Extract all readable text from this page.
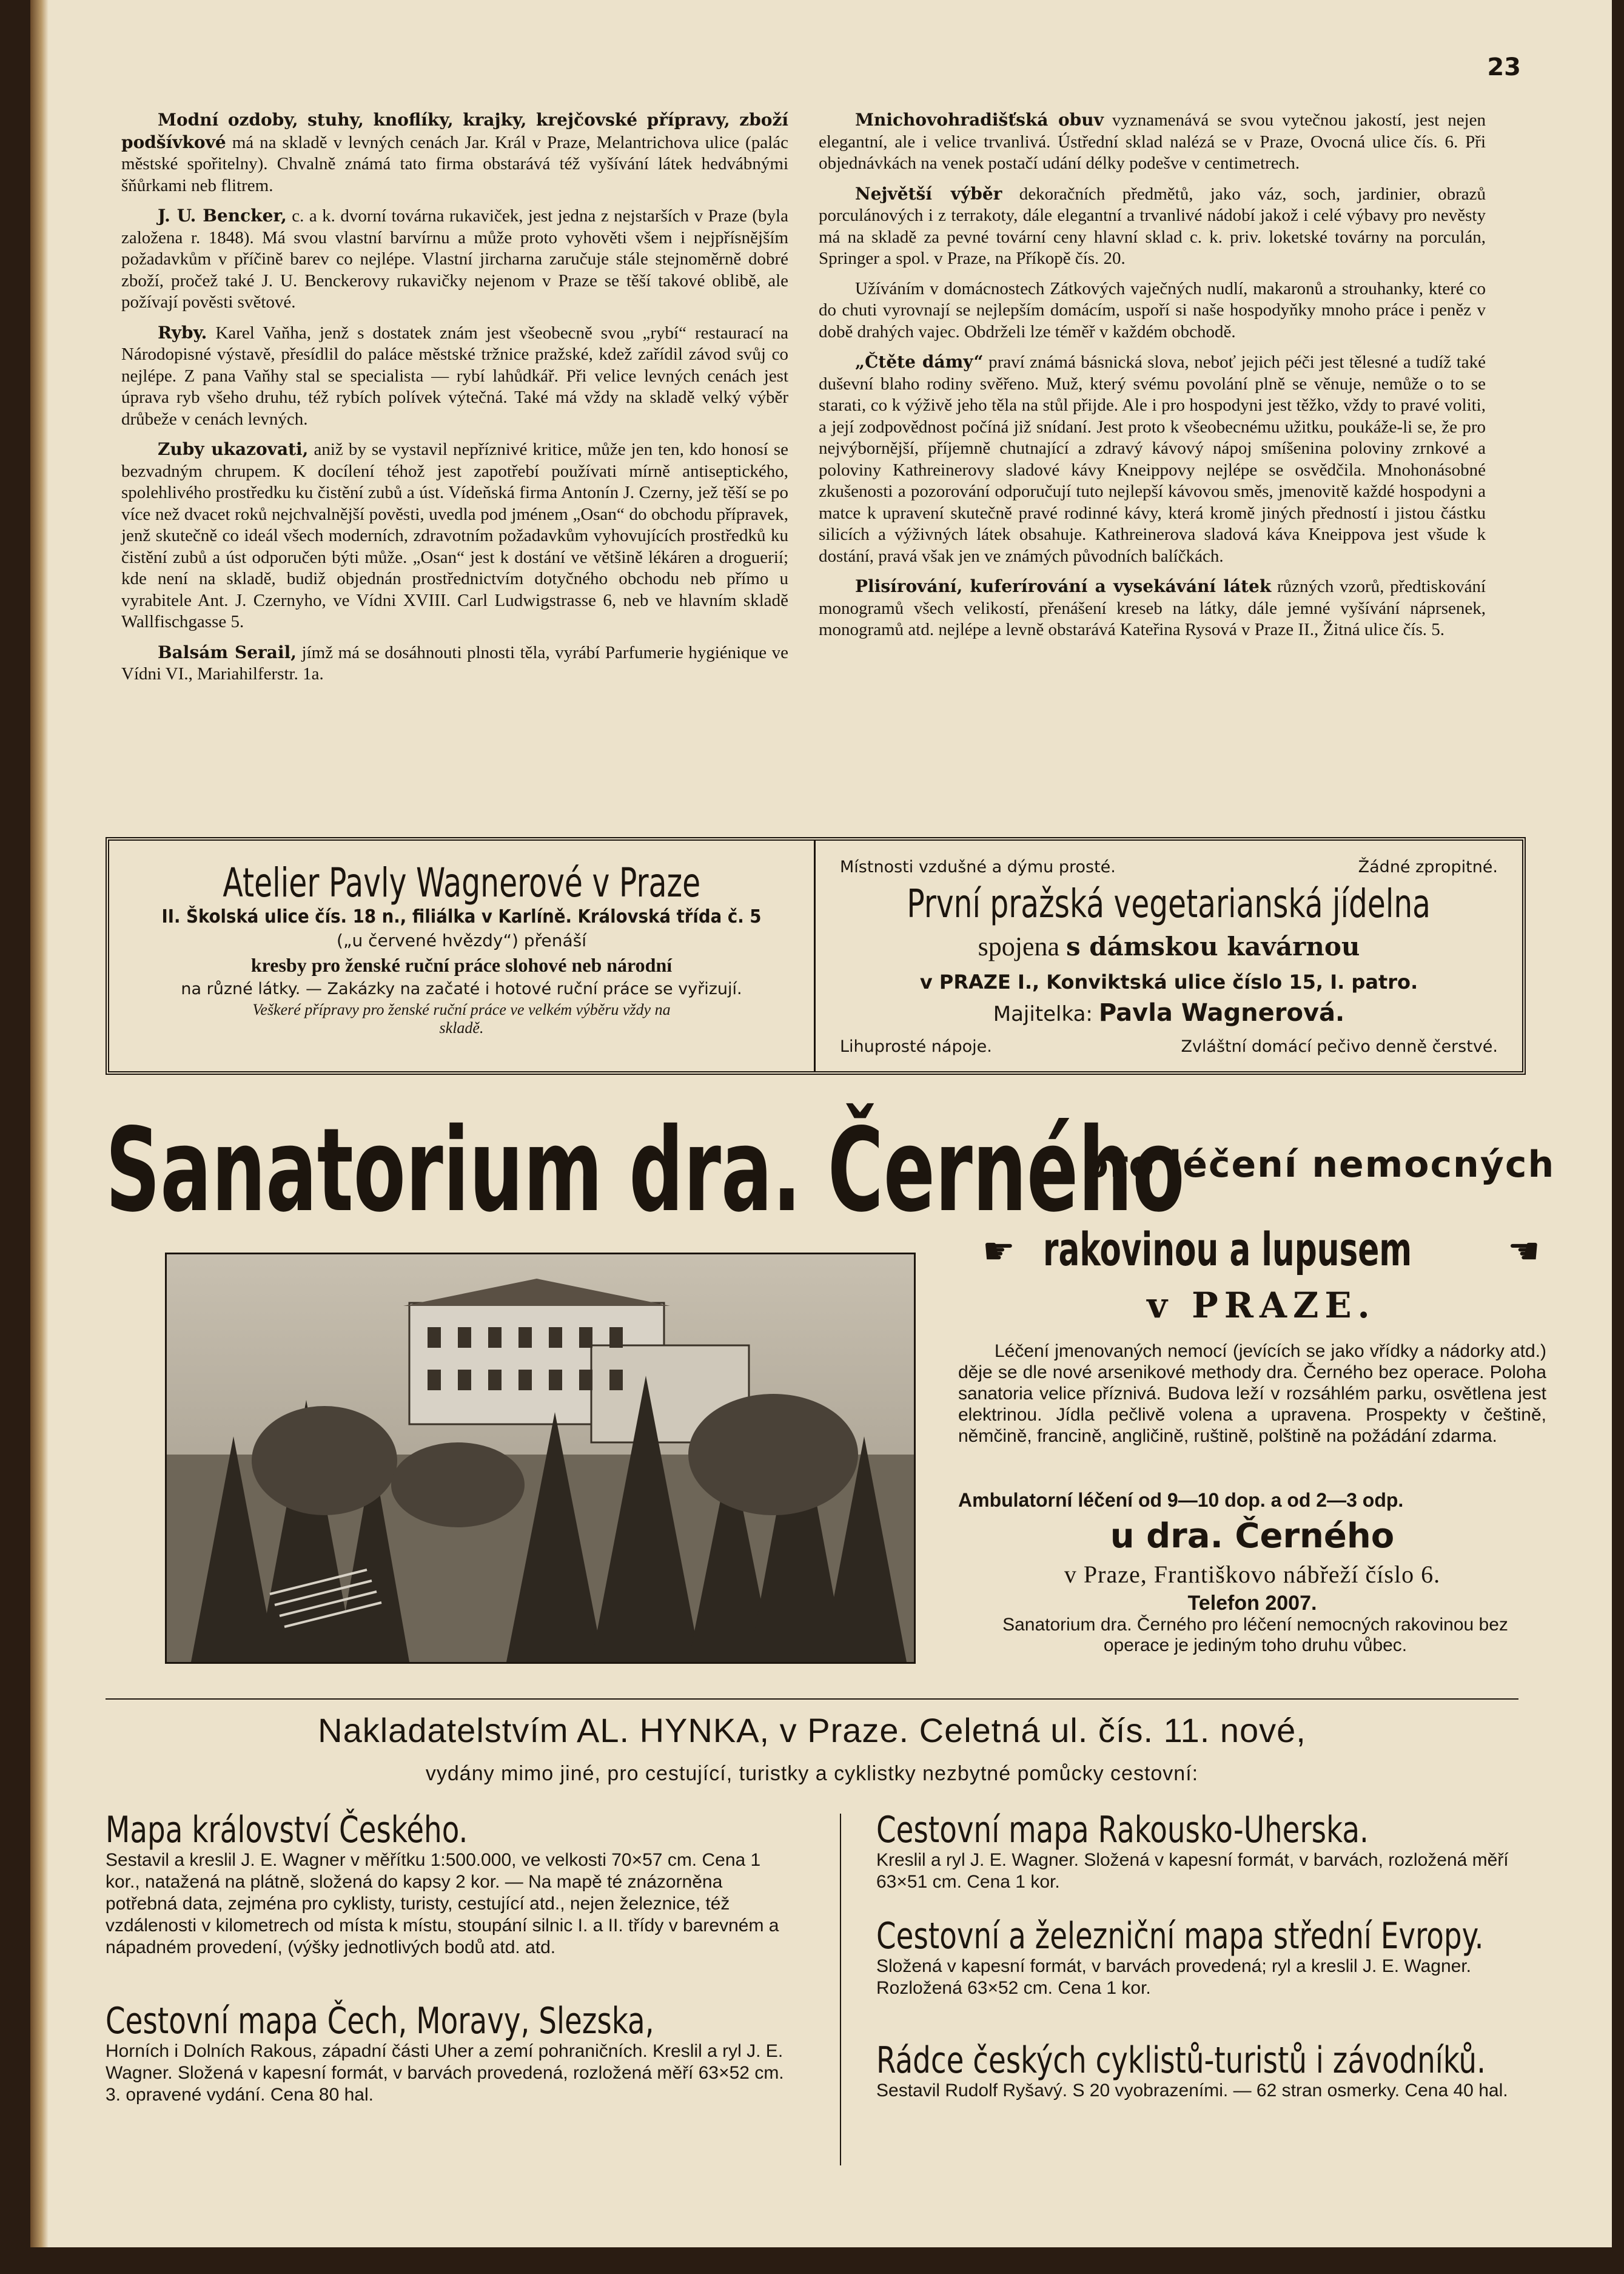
23

Modní ozdoby, stuhy, knoflíky, krajky, krejčovské přípravy, zboží podšívkové má na skladě v levných cenách Jar. Král v Praze, Melantrichova ulice (palác městské spořitelny). Chvalně známá tato firma obstarává též vyšívání látek hedvábnými šňůrkami neb flitrem.

J. U. Bencker, c. a k. dvorní továrna rukaviček, jest jedna z nejstarších v Praze (byla založena r. 1848). Má svou vlastní barvírnu a může proto vyhověti všem i nejpřísnějším požadavkům v příčině barev co nejlépe. Vlastní jircharna zaručuje stále stejnoměrně dobré zboží, pročež také J. U. Benckerovy rukavičky nejenom v Praze se těší takové oblibě, ale požívají pověsti světové.

Ryby. Karel Vaňha, jenž s dostatek znám jest všeobecně svou „rybí“ restaurací na Národopisné výstavě, přesídlil do paláce městské tržnice pražské, kdež zařídil závod svůj co nejlépe. Z pana Vaňhy stal se specialista — rybí lahůdkář. Při velice levných cenách jest úprava ryb všeho druhu, též rybích polívek výtečná. Také má vždy na skladě velký výběr drůbeže v cenách levných.

Zuby ukazovati, aniž by se vystavil nepříznivé kritice, může jen ten, kdo honosí se bezvadným chrupem. K docílení téhož jest zapotřebí používati mírně antiseptického, spolehlivého prostředku ku čistění zubů a úst. Vídeňská firma Antonín J. Czerny, jež těší se po více než dvacet roků nejchvalnější pověsti, uvedla pod jménem „Osan“ do obchodu přípravek, jenž skutečně co ideál všech moderních, zdravotním požadavkům vyhovujících prostředků ku čistění zubů a úst odporučen býti může. „Osan“ jest k dostání ve většině lékáren a droguerií; kde není na skladě, budiž objednán prostřednictvím dotyčného obchodu neb přímo u vyrabitele Ant. J. Czernyho, ve Vídni XVIII. Carl Ludwigstrasse 6, neb ve hlavním skladě Wallfischgasse 5.

Balsám Serail, jímž má se dosáhnouti plnosti těla, vyrábí Parfumerie hygiénique ve Vídni VI., Mariahilferstr. 1a.

Mnichovohradišťská obuv vyznamenává se svou vytečnou jakostí, jest nejen elegantní, ale i velice trvanlivá. Ústřední sklad nalézá se v Praze, Ovocná ulice čís. 6. Při objednávkách na venek postačí udání délky podešve v centimetrech.

Největší výběr dekoračních předmětů, jako váz, soch, jardinier, obrazů porculánových i z terrakoty, dále elegantní a trvanlivé nádobí jakož i celé výbavy pro nevěsty má na skladě za pevné tovární ceny hlavní sklad c. k. priv. loketské továrny na porculán, Springer a spol. v Praze, na Příkopě čís. 20.

Užíváním v domácnostech Zátkových vaječných nudlí, makaronů a strouhanky, které co do chuti vyrovnají se nejlepším domácím, uspoří si naše hospodyňky mnoho práce i peněz v době drahých vajec. Obdrželi lze téměř v každém obchodě.

„Čtěte dámy“ praví známá básnická slova, neboť jejich péči jest tělesné a tudíž také duševní blaho rodiny svěřeno. Muž, který svému povolání plně se věnuje, nemůže o to se starati, co k výživě jeho těla na stůl přijde. Ale i pro hospodyni jest těžko, vždy to pravé voliti, a její zodpovědnost počíná již snídaní. Jest proto k všeobecnému užitku, poukáže-li se, že pro nejvýbornější, příjemně chutnající a zdravý kávový nápoj smíšenina poloviny zrnkové a poloviny Kathreinerovy sladové kávy Kneippovy nejlépe se osvědčila. Mnohonásobné zkušenosti a pozorování odporučují tuto nejlepší kávovou směs, jmenovitě každé hospodyni a matce k upravení skutečně pravé rodinné kávy, která kromě jiných předností i jistou částku silicích a výživných látek obsahuje. Kathreinerova sladová káva Kneippova jest všude k dostání, pravá však jen ve známých původních balíčkách.

Plisírování, kuferírování a vysekávání látek různých vzorů, předtiskování monogramů všech velikostí, přenášení kreseb na látky, dále jemné vyšívání náprsenek, monogramů atd. nejlépe a levně obstarává Kateřina Rysová v Praze II., Žitná ulice čís. 5.

Atelier Pavly Wagnerové v Praze
II. Školská ulice čís. 18 n., filiálka v Karlíně. Královská třída č. 5
(„u červené hvězdy“) přenáší
kresby pro ženské ruční práce slohové neb národní
na různé látky. — Zakázky na začaté i hotové ruční práce se vyřizují.
Veškeré přípravy pro ženské ruční práce ve velkém výběru vždy na skladě.
Místnosti vzdušné a dýmu prosté.	Žádné zpropitné.
První pražská vegetarianská jídelna
spojena s dámskou kavárnou
v PRAZE I., Konviktská ulice číslo 15, I. patro.
Majitelka: Pavla Wagnerová.
Lihuprosté nápoje.	Zvláštní domácí pečivo denně čerstvé.
Sanatorium dra. Černého
pro léčení nemocných
☛ rakovinou a lupusem	☛
v PRAZE.
Léčení jmenovaných nemocí (jevících se jako vřídky a nádorky atd.) děje se dle nové arsenikové methody dra. Černého bez operace. Poloha sanatoria velice příznivá. Budova leží v rozsáhlém parku, osvětlena jest elektrinou. Jídla pečlivě volena a upravena. Prospekty v češtině, němčině, francině, angličině, ruštině, polštině na požádání zdarma.
Ambulatorní léčení od 9—10 dop. a od 2—3 odp.
u dra. Černého
v Praze, Františkovo nábřeží číslo 6.
Telefon 2007.
Sanatorium dra. Černého pro léčení nemocných rakovinou bez operace je jediným toho druhu vůbec.
Nakladatelstvím AL. HYNKA, v Praze. Celetná ul. čís. 11. nové,
vydány mimo jiné, pro cestující, turistky a cyklistky nezbytné pomůcky cestovní:
Mapa království Českého.
Sestavil a kreslil J. E. Wagner v měřítku 1:500.000, ve velkosti 70×57 cm. Cena 1 kor., natažená na plátně, složená do kapsy 2 kor. — Na mapě té znázorněna potřebná data, zejména pro cyklisty, turisty, cestující atd., nejen železnice, též vzdálenosti v kilometrech od místa k místu, stoupání silnic I. a II. třídy v barevném a nápadném provedení, (výšky jednotlivých bodů atd. atd.
Cestovní mapa Čech, Moravy, Slezska,
Horních i Dolních Rakous, západní části Uher a zemí pohraničních. Kreslil a ryl J. E. Wagner. Složená v kapesní formát, v barvách provedená, rozložená měří 63×52 cm. 3. opravené vydání. Cena 80 hal.
Cestovní mapa Rakousko-Uherska.
Kreslil a ryl J. E. Wagner. Složená v kapesní formát, v barvách, rozložená měří 63×51 cm. Cena 1 kor.
Cestovní a železniční mapa střední Evropy.
Složená v kapesní formát, v barvách provedená; ryl a kreslil J. E. Wagner. Rozložená 63×52 cm. Cena 1 kor.
Rádce českých cyklistů-turistů i závodníků.
Sestavil Rudolf Ryšavý. S 20 vyobrazeními. — 62 stran osmerky. Cena 40 hal.
